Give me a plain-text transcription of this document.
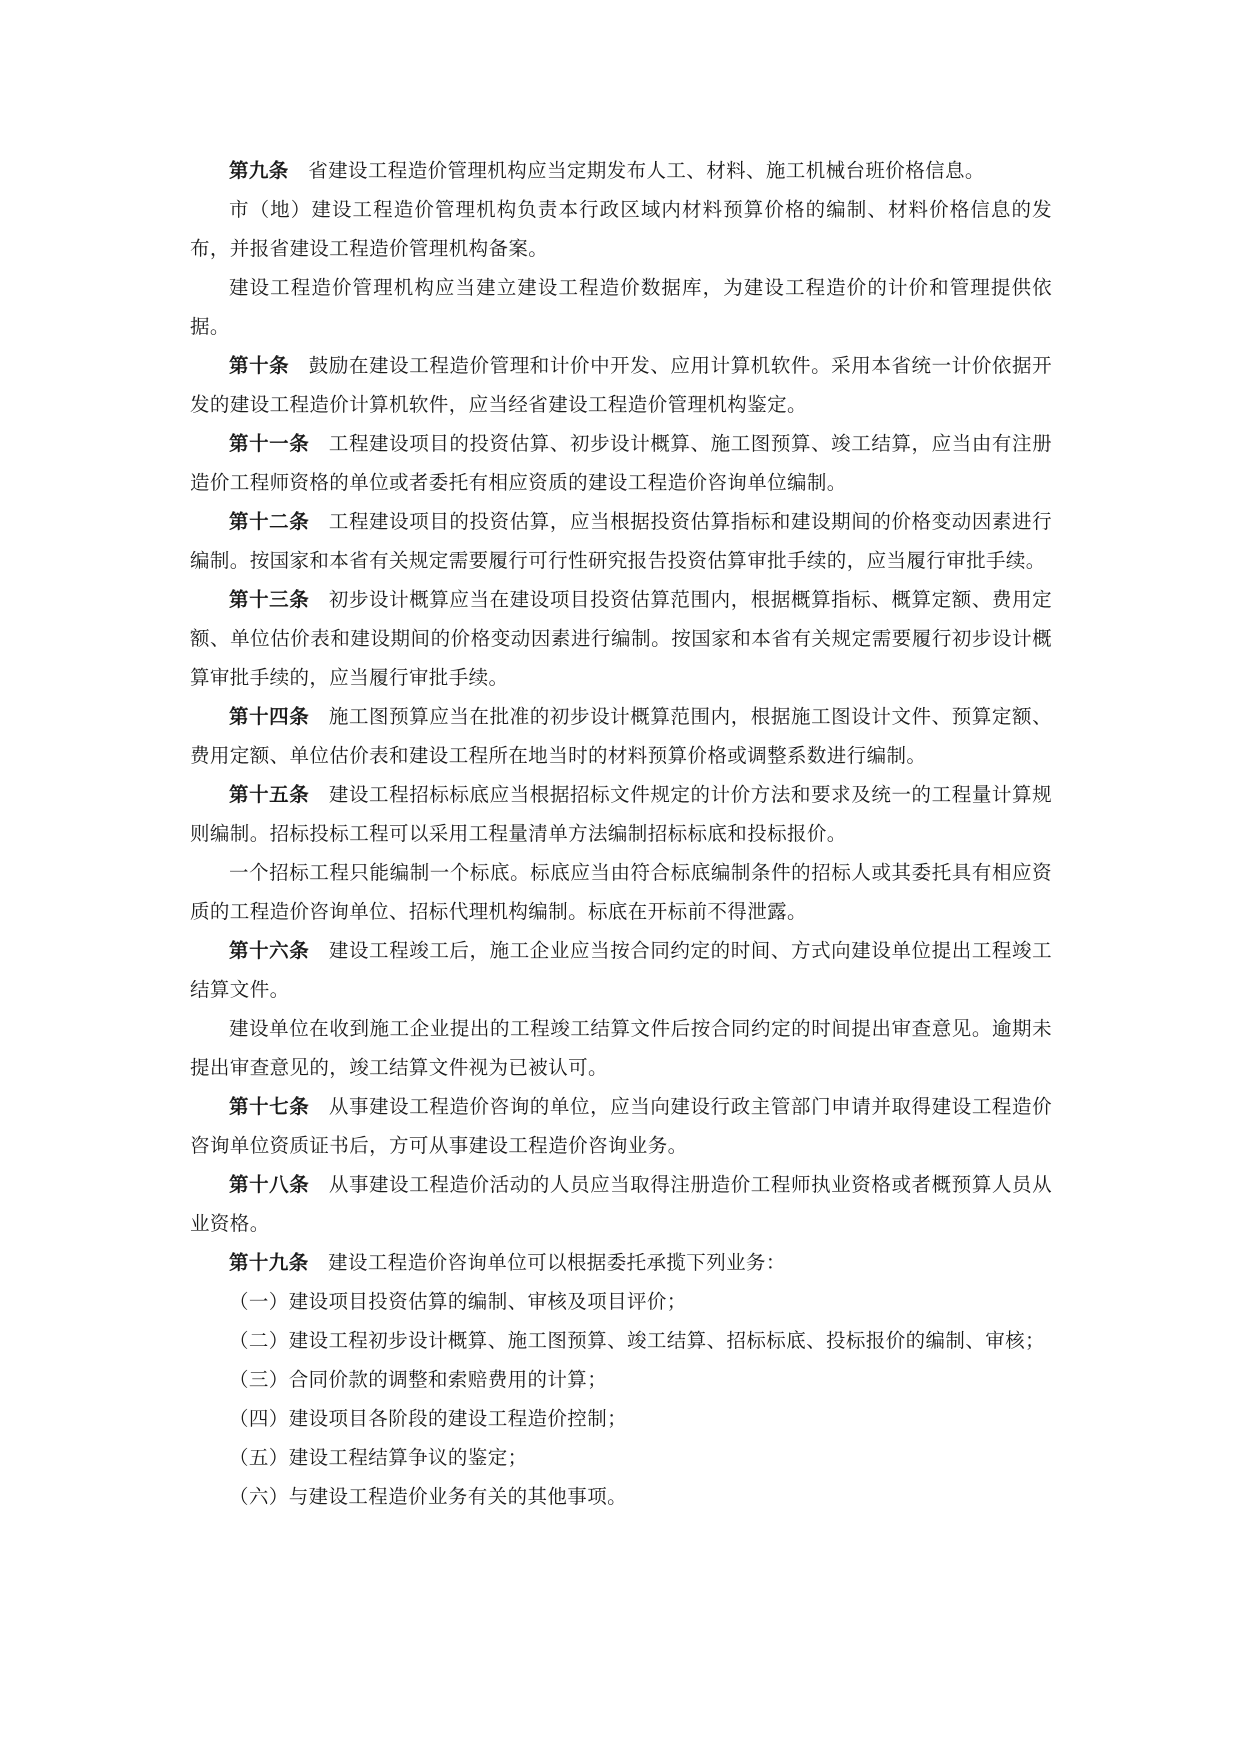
第九条 省建设工程造价管理机构应当定期发布人工、材料、施工机械台班价格信息。

市（地）建设工程造价管理机构负责本行政区域内材料预算价格的编制、材料价格信息的发布，并报省建设工程造价管理机构备案。

建设工程造价管理机构应当建立建设工程造价数据库，为建设工程造价的计价和管理提供依据。

第十条 鼓励在建设工程造价管理和计价中开发、应用计算机软件。采用本省统一计价依据开发的建设工程造价计算机软件，应当经省建设工程造价管理机构鉴定。

第十一条 工程建设项目的投资估算、初步设计概算、施工图预算、竣工结算，应当由有注册造价工程师资格的单位或者委托有相应资质的建设工程造价咨询单位编制。

第十二条 工程建设项目的投资估算，应当根据投资估算指标和建设期间的价格变动因素进行编制。按国家和本省有关规定需要履行可行性研究报告投资估算审批手续的，应当履行审批手续。

第十三条 初步设计概算应当在建设项目投资估算范围内，根据概算指标、概算定额、费用定额、单位估价表和建设期间的价格变动因素进行编制。按国家和本省有关规定需要履行初步设计概算审批手续的，应当履行审批手续。

第十四条 施工图预算应当在批准的初步设计概算范围内，根据施工图设计文件、预算定额、费用定额、单位估价表和建设工程所在地当时的材料预算价格或调整系数进行编制。

第十五条 建设工程招标标底应当根据招标文件规定的计价方法和要求及统一的工程量计算规则编制。招标投标工程可以采用工程量清单方法编制招标标底和投标报价。

一个招标工程只能编制一个标底。标底应当由符合标底编制条件的招标人或其委托具有相应资质的工程造价咨询单位、招标代理机构编制。标底在开标前不得泄露。

第十六条 建设工程竣工后，施工企业应当按合同约定的时间、方式向建设单位提出工程竣工结算文件。

建设单位在收到施工企业提出的工程竣工结算文件后按合同约定的时间提出审查意见。逾期未提出审查意见的，竣工结算文件视为已被认可。

第十七条 从事建设工程造价咨询的单位，应当向建设行政主管部门申请并取得建设工程造价咨询单位资质证书后，方可从事建设工程造价咨询业务。

第十八条 从事建设工程造价活动的人员应当取得注册造价工程师执业资格或者概预算人员从业资格。

第十九条 建设工程造价咨询单位可以根据委托承揽下列业务：

（一）建设项目投资估算的编制、审核及项目评价；

（二）建设工程初步设计概算、施工图预算、竣工结算、招标标底、投标报价的编制、审核；

（三）合同价款的调整和索赔费用的计算；

（四）建设项目各阶段的建设工程造价控制；

（五）建设工程结算争议的鉴定；

（六）与建设工程造价业务有关的其他事项。
